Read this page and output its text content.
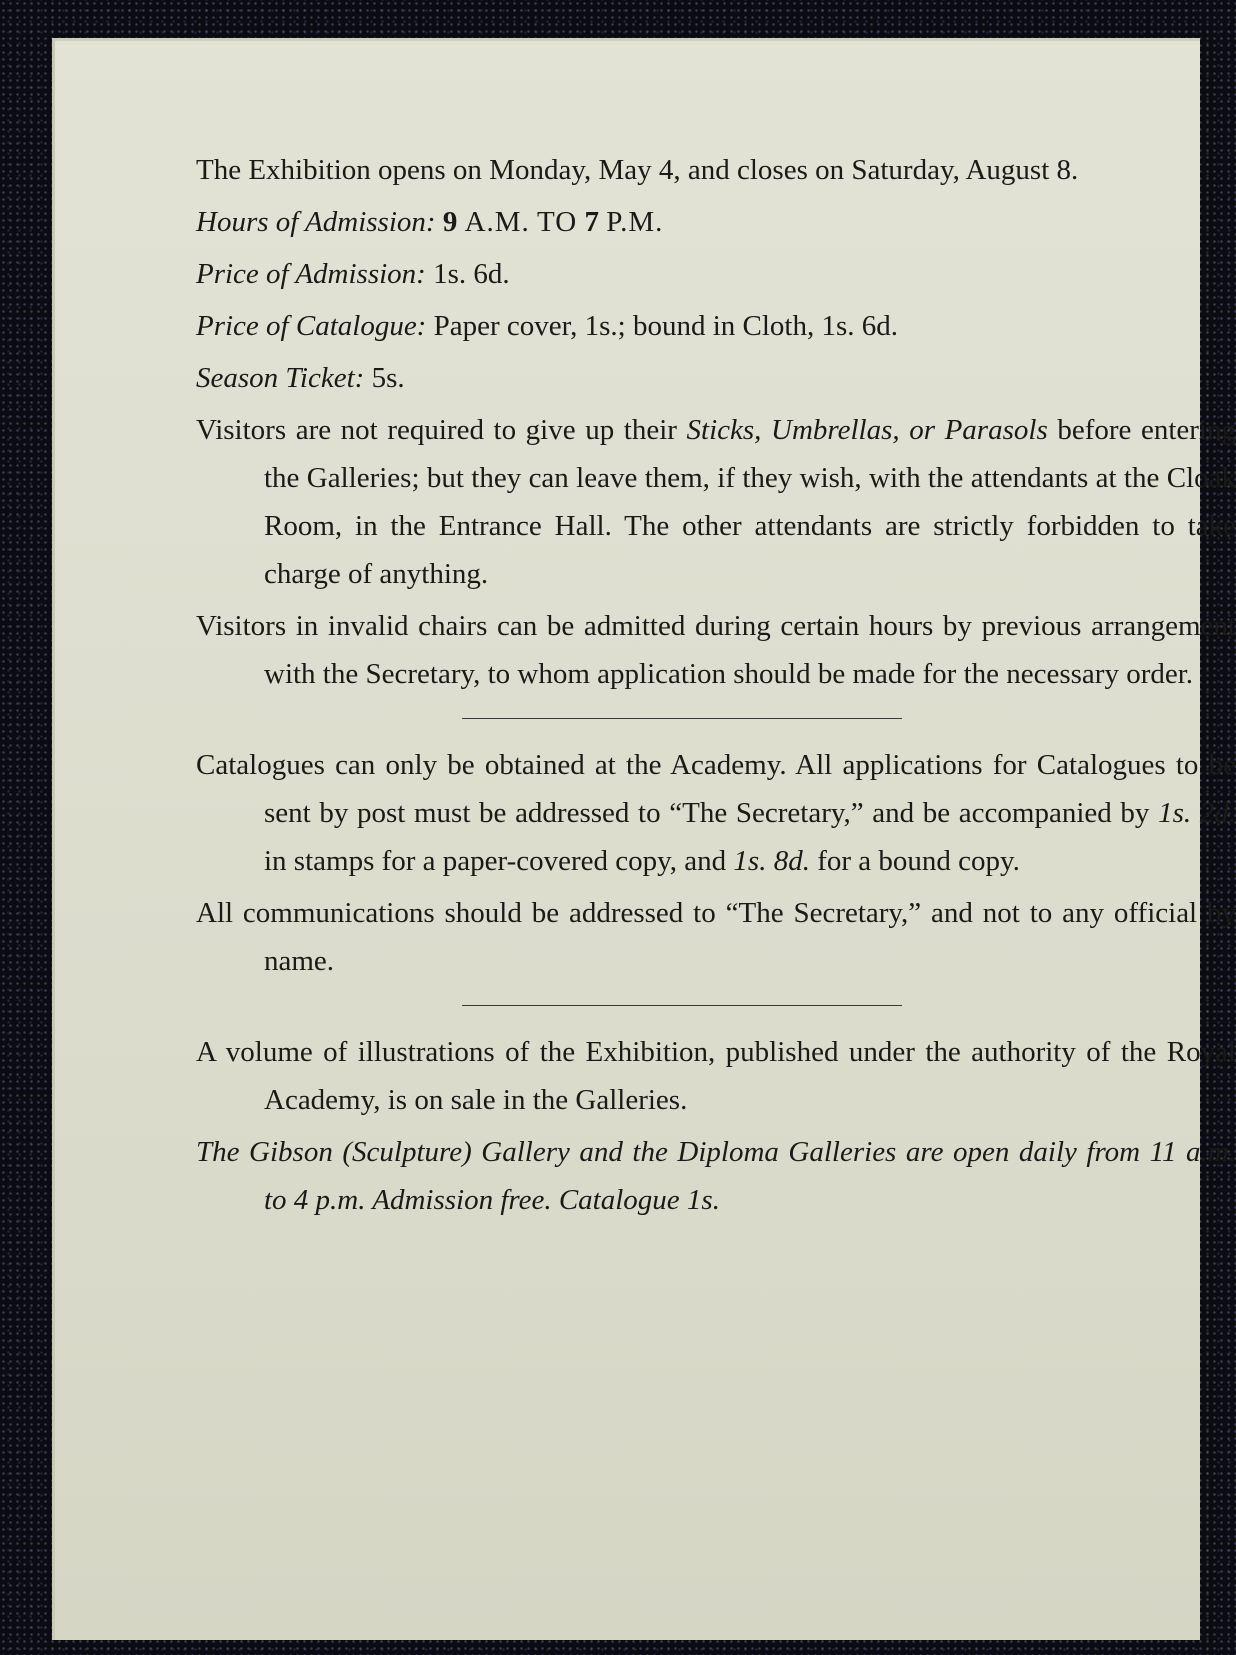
The Exhibition opens on Monday, May 4, and closes on Saturday, August 8.

Hours of Admission: 9 A.M. TO 7 P.M.

Price of Admission: 1s. 6d.

Price of Catalogue: Paper cover, 1s.; bound in Cloth, 1s. 6d.

Season Ticket: 5s.

Visitors are not required to give up their Sticks, Umbrellas, or Parasols before entering the Galleries; but they can leave them, if they wish, with the attendants at the Cloak Room, in the Entrance Hall. The other attendants are strictly forbidden to take charge of anything.

Visitors in invalid chairs can be admitted during certain hours by previous arrangement with the Secretary, to whom application should be made for the necessary order.

Catalogues can only be obtained at the Academy. All applications for Catalogues to be sent by post must be addressed to “The Secretary,” and be accompanied by 1s. 2d. in stamps for a paper-covered copy, and 1s. 8d. for a bound copy.

All communications should be addressed to “The Secretary,” and not to any official by name.

A volume of illustrations of the Exhibition, published under the authority of the Royal Academy, is on sale in the Galleries.

The Gibson (Sculpture) Gallery and the Diploma Galleries are open daily from 11 a.m. to 4 p.m. Admission free. Catalogue 1s.
